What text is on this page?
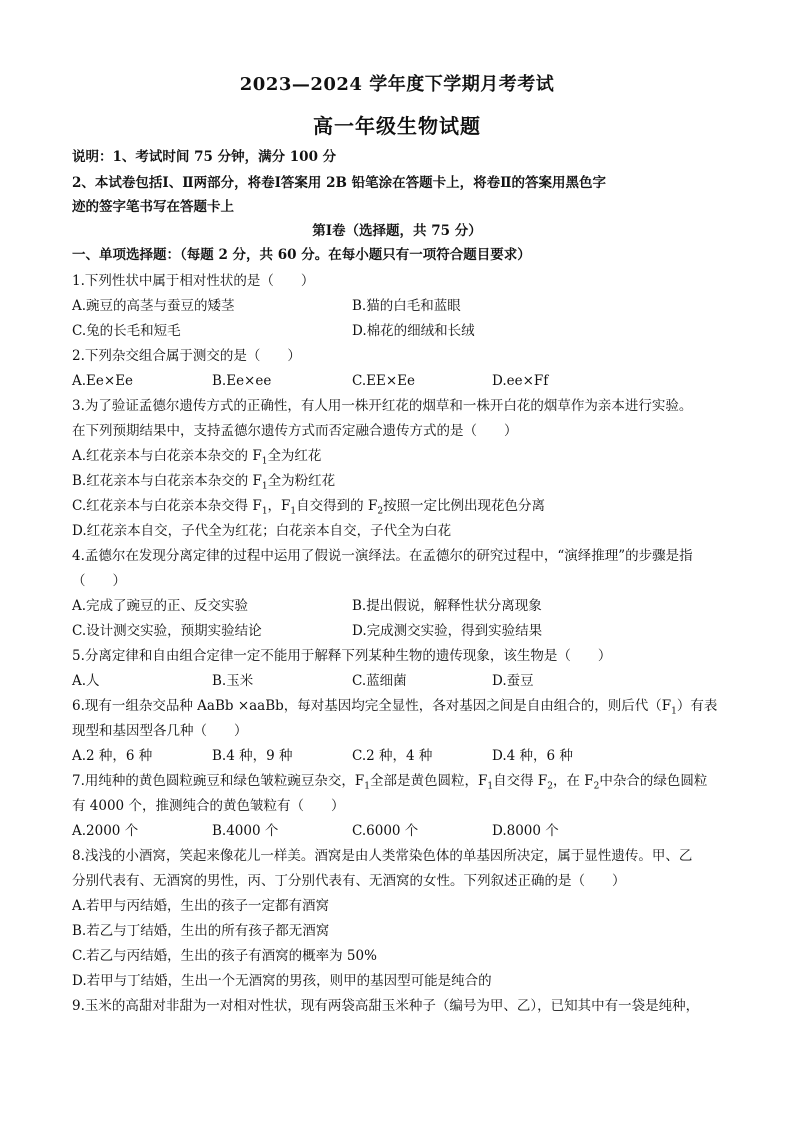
2023—2024 学年度下学期月考考试
高一年级生物试题
说明：1、考试时间 75 分钟，满分 100 分
2、本试卷包括Ⅰ、Ⅱ两部分，将卷Ⅰ答案用 2B 铅笔涂在答题卡上，将卷Ⅱ的答案用黑色字
迹的签字笔书写在答题卡上
第Ⅰ卷（选择题，共 75 分）
一、单项选择题：（每题 2 分，共 60 分。在每小题只有一项符合题目要求）
1.下列性状中属于相对性状的是（　　）
A.豌豆的高茎与蚕豆的矮茎	B.猫的白毛和蓝眼
C.兔的长毛和短毛	D.棉花的细绒和长绒
2.下列杂交组合属于测交的是（　　）
A.Ee×Ee	B.Ee×ee	C.EE×Ee	D.ee×Ff
3.为了验证孟德尔遗传方式的正确性，有人用一株开红花的烟草和一株开白花的烟草作为亲本进行实验。
在下列预期结果中，支持孟德尔遗传方式而否定融合遗传方式的是（　　）
A.红花亲本与白花亲本杂交的 $F_1$全为红花
B.红花亲本与白花亲本杂交的 $F_1$全为粉红花
C.红花亲本与白花亲本杂交得 $F_1$，$F_1$自交得到的 $F_2$按照一定比例出现花色分离
D.红花亲本自交，子代全为红花；白花亲本自交，子代全为白花
4.孟德尔在发现分离定律的过程中运用了假说一演绎法。在孟德尔的研究过程中，“演绎推理”的步骤是指
（　　）
A.完成了豌豆的正、反交实验	B.提出假说，解释性状分离现象
C.设计测交实验，预期实验结论	D.完成测交实验，得到实验结果
5.分离定律和自由组合定律一定不能用于解释下列某种生物的遗传现象，该生物是（　　）
A.人	B.玉米	C.蓝细菌	D.蚕豆
6.现有一组杂交品种 AaBb ×aaBb，每对基因均完全显性，各对基因之间是自由组合的，则后代$(F_1)$有表
现型和基因型各几种（　　）
A.2 种，6 种	B.4 种，9 种	C.2 种，4 种	D.4 种，6 种
7.用纯种的黄色圆粒豌豆和绿色皱粒豌豆杂交，$F_1$全部是黄色圆粒，$F_1$自交得 $F_2$，在 $F_2$中杂合的绿色圆粒
有 4000 个，推测纯合的黄色皱粒有（　　）
A.2000 个	B.4000 个	C.6000 个	D.8000 个
8.浅浅的小酒窝，笑起来像花儿一样美。酒窝是由人类常染色体的单基因所决定，属于显性遗传。甲、乙
分别代表有、无酒窝的男性，丙、丁分别代表有、无酒窝的女性。下列叙述正确的是（　　）
A.若甲与丙结婚，生出的孩子一定都有酒窝
B.若乙与丁结婚，生出的所有孩子都无酒窝
C.若乙与丙结婚，生出的孩子有酒窝的概率为 50%
D.若甲与丁结婚，生出一个无酒窝的男孩，则甲的基因型可能是纯合的
9.玉米的高甜对非甜为一对相对性状，现有两袋高甜玉米种子（编号为甲、乙），已知其中有一袋是纯种，
